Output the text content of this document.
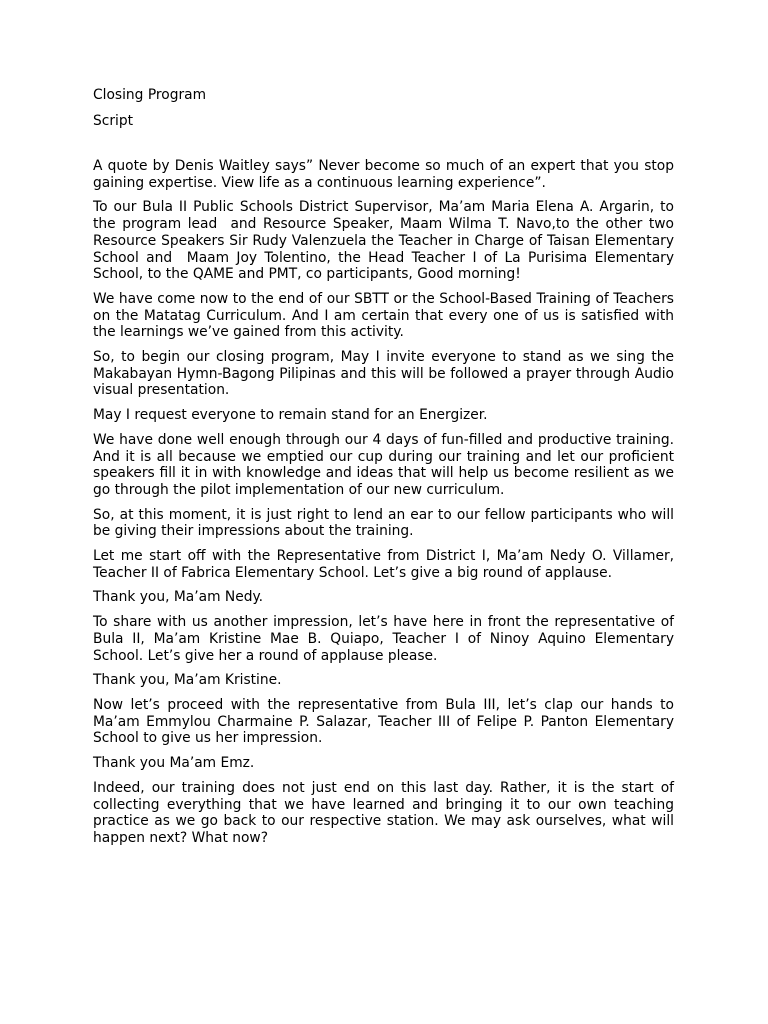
Closing Program

Script

A quote by Denis Waitley says” Never become so much of an expert that you stop gaining expertise. View life as a continuous learning experience”.

To our Bula II Public Schools District Supervisor, Ma’am Maria Elena A. Argarin, to the program lead  and Resource Speaker, Maam Wilma T. Navo,to the other two Resource Speakers Sir Rudy Valenzuela the Teacher in Charge of Taisan Elementary School and  Maam Joy Tolentino, the Head Teacher I of La Purisima Elementary School, to the QAME and PMT, co participants, Good morning!

We have come now to the end of our SBTT or the School-Based Training of Teachers on the Matatag Curriculum. And I am certain that every one of us is satisfied with the learnings we’ve gained from this activity.

So, to begin our closing program, May I invite everyone to stand as we sing the Makabayan Hymn-Bagong Pilipinas and this will be followed a prayer through Audio visual presentation.

May I request everyone to remain stand for an Energizer.

We have done well enough through our 4 days of fun-filled and productive training. And it is all because we emptied our cup during our training and let our proficient speakers fill it in with knowledge and ideas that will help us become resilient as we go through the pilot implementation of our new curriculum.

So, at this moment, it is just right to lend an ear to our fellow participants who will be giving their impressions about the training.

Let me start off with the Representative from District I, Ma’am Nedy O. Villamer, Teacher II of Fabrica Elementary School. Let’s give a big round of applause.

Thank you, Ma’am Nedy.

To share with us another impression, let’s have here in front the representative of Bula II, Ma’am Kristine Mae B. Quiapo, Teacher I of Ninoy Aquino Elementary School. Let’s give her a round of applause please.

Thank you, Ma’am Kristine.

Now let’s proceed with the representative from Bula III, let’s clap our hands to Ma’am Emmylou Charmaine P. Salazar, Teacher III of Felipe P. Panton Elementary School to give us her impression.

Thank you Ma’am Emz.

Indeed, our training does not just end on this last day. Rather, it is the start of collecting everything that we have learned and bringing it to our own teaching practice as we go back to our respective station. We may ask ourselves, what will happen next? What now?
